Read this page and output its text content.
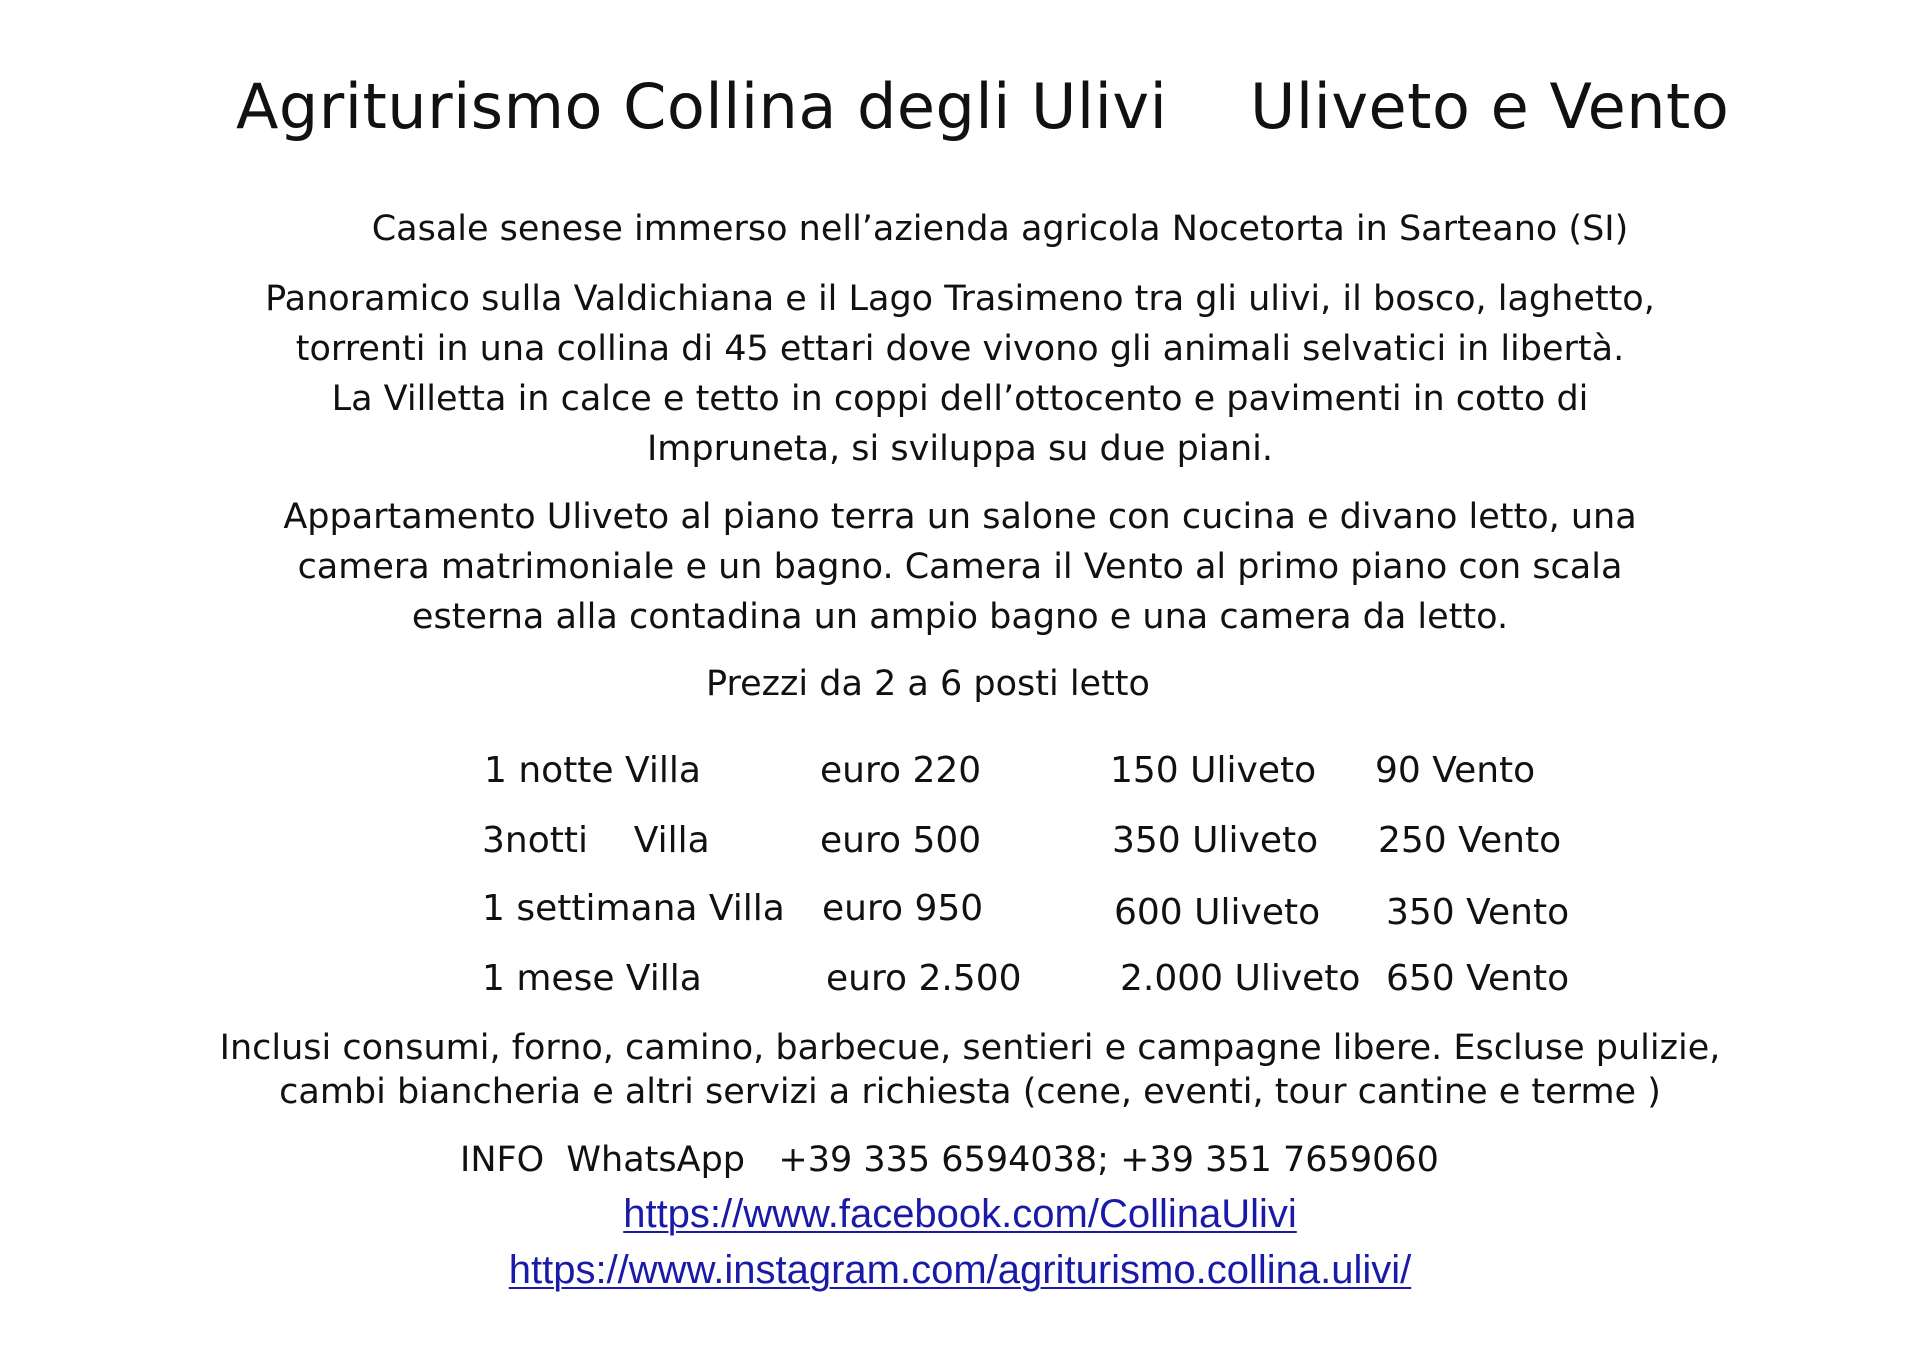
Agriturismo Collina degli Ulivi Uliveto e Vento
Casale senese immerso nell’azienda agricola Nocetorta in Sarteano (SI)
Panoramico sulla Valdichiana e il Lago Trasimeno tra gli ulivi, il bosco, laghetto,
torrenti in una collina di 45 ettari dove vivono gli animali selvatici in libertà.
La Villetta in calce e tetto in coppi dell’ottocento e pavimenti in cotto di
Impruneta, si sviluppa su due piani.
Appartamento Uliveto al piano terra un salone con cucina e divano letto, una
camera matrimoniale e un bagno. Camera il Vento al primo piano con scala
esterna alla contadina un ampio bagno e una camera da letto.
Prezzi da 2 a 6 posti letto
1 notte Villa	euro 220	150 Uliveto 90 Vento
3notti    Villa	euro 500	350 Uliveto 250 Vento
1 settimana Villa euro 950	600 Uliveto 350 Vento
1 mese Villa	euro 2.500	2.000 Uliveto 650 Vento
Inclusi consumi, forno, camino, barbecue, sentieri e campagne libere. Escluse pulizie,
cambi biancheria e altri servizi a richiesta (cene, eventi, tour cantine e terme )
INFO  WhatsApp   +39 335 6594038; +39 351 7659060
https://www.facebook.com/CollinaUlivi
https://www.instagram.com/agriturismo.collina.ulivi/
